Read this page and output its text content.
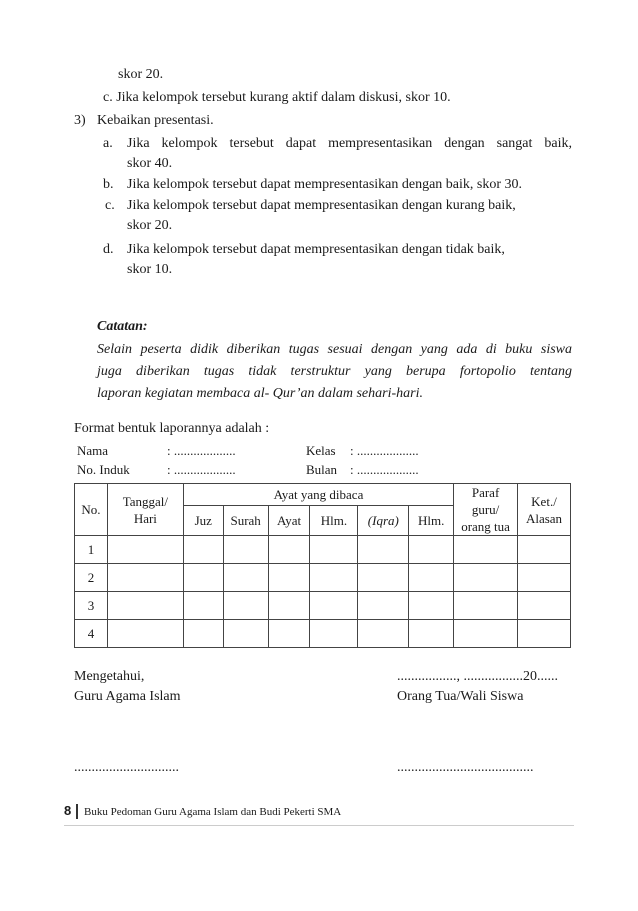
skor 20.
c. Jika kelompok tersebut kurang aktif dalam diskusi, skor 10.
3) Kebaikan presentasi.
a. Jika kelompok tersebut dapat mempresentasikan dengan sangat baik,
skor 40.
b. Jika kelompok tersebut dapat mempresentasikan dengan baik, skor 30.
c. Jika kelompok tersebut dapat mempresentasikan dengan kurang baik,
skor 20.
d. Jika kelompok tersebut dapat mempresentasikan dengan tidak baik,
skor 10.
Catatan:
Selain peserta didik diberikan tugas sesuai dengan yang ada di buku siswa
juga diberikan tugas tidak terstruktur yang berupa fortopolio tentang
laporan kegiatan membaca al- Qur’an dalam sehari-hari.
Format bentuk laporannya adalah :
Nama	: ...................	Kelas : ...................
No. Induk	: ...................	Bulan : ...................
No.	Tanggal/ Hari	Ayat yang dibaca						Paraf guru/ orang tua	Ket./ Alasan
		Juz	Surah	Ayat	Hlm.	(Iqra)	Hlm.		
1									
2									
3									
4									
Mengetahui,
Guru Agama Islam
..............................
................., .................20......
Orang Tua/Wali Siswa
.......................................
8 Buku Pedoman Guru Agama Islam dan Budi Pekerti SMA
